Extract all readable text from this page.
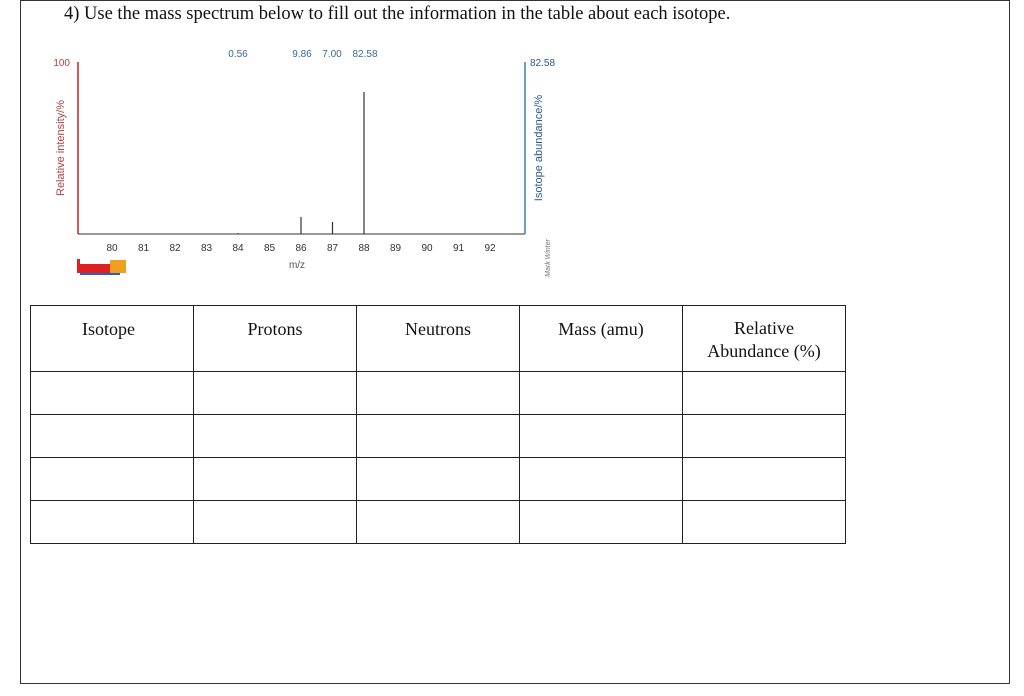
4) Use the mass spectrum below to fill out the information in the table about each isotope.
100
Relative intensity/%
80 81 82 83 84 85 86 87 88 89 90 91 92
m/z
0.56	9.86 7.00 82.58
82.58
Isotope abundance/%
Mark Winter
Isotope	Protons	Neutrons	Mass (amu)	Relative
Abundance (%)
